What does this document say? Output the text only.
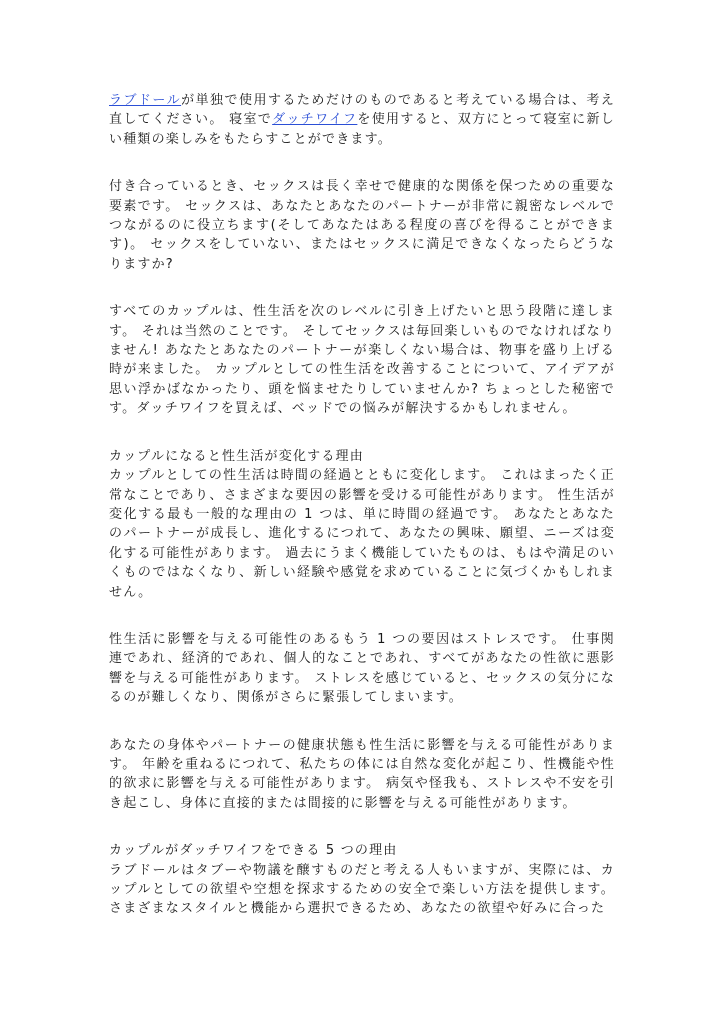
ラブドールが単独で使用するためだけのものであると考えている場合は、考え直してください。 寝室でダッチワイフを使用すると、双方にとって寝室に新しい種類の楽しみをもたらすことができます。

付き合っているとき、セックスは長く幸せで健康的な関係を保つための重要な要素です。 セックスは、あなたとあなたのパートナーが非常に親密なレベルでつながるのに役立ちます(そしてあなたはある程度の喜びを得ることができます)。 セックスをしていない、またはセックスに満足できなくなったらどうなりますか?

すべてのカップルは、性生活を次のレベルに引き上げたいと思う段階に達します。 それは当然のことです。 そしてセックスは毎回楽しいものでなければなりません! あなたとあなたのパートナーが楽しくない場合は、物事を盛り上げる時が来ました。 カップルとしての性生活を改善することについて、アイデアが思い浮かばなかったり、頭を悩ませたりしていませんか? ちょっとした秘密です。ダッチワイフを買えば、ベッドでの悩みが解決するかもしれません。

カップルになると性生活が変化する理由

カップルとしての性生活は時間の経過とともに変化します。 これはまったく正常なことであり、さまざまな要因の影響を受ける可能性があります。 性生活が変化する最も一般的な理由の 1 つは、単に時間の経過です。 あなたとあなたのパートナーが成長し、進化するにつれて、あなたの興味、願望、ニーズは変化する可能性があります。 過去にうまく機能していたものは、もはや満足のいくものではなくなり、新しい経験や感覚を求めていることに気づくかもしれません。

性生活に影響を与える可能性のあるもう 1 つの要因はストレスです。 仕事関連であれ、経済的であれ、個人的なことであれ、すべてがあなたの性欲に悪影響を与える可能性があります。 ストレスを感じていると、セックスの気分になるのが難しくなり、関係がさらに緊張してしまいます。

あなたの身体やパートナーの健康状態も性生活に影響を与える可能性があります。 年齢を重ねるにつれて、私たちの体には自然な変化が起こり、性機能や性的欲求に影響を与える可能性があります。 病気や怪我も、ストレスや不安を引き起こし、身体に直接的または間接的に影響を与える可能性があります。

カップルがダッチワイフをできる 5 つの理由

ラブドールはタブーや物議を醸すものだと考える人もいますが、実際には、カップルとしての欲望や空想を探求するための安全で楽しい方法を提供します。 さまざまなスタイルと機能から選択できるため、あなたの欲望や好みに合った
